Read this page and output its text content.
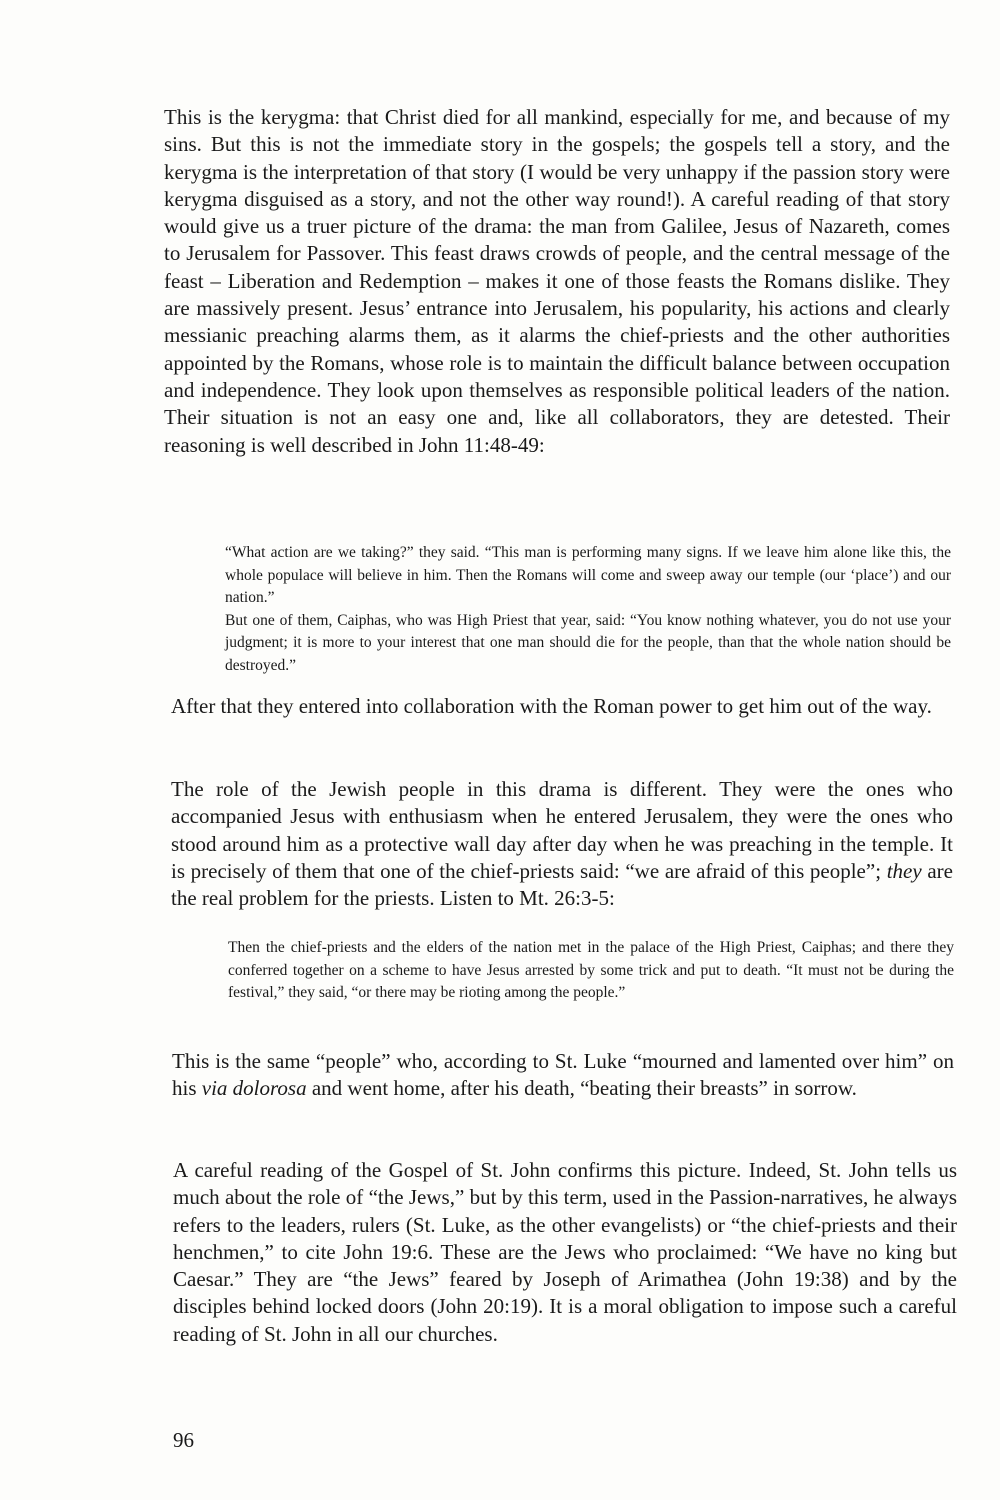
This is the kerygma: that Christ died for all mankind, especially for me, and because of my sins. But this is not the immediate story in the gospels; the gospels tell a story, and the kerygma is the interpretation of that story (I would be very unhappy if the passion story were kerygma disguised as a story, and not the other way round!). A careful reading of that story would give us a truer picture of the drama: the man from Galilee, Jesus of Nazareth, comes to Jerusalem for Passover. This feast draws crowds of people, and the central message of the feast – Liberation and Redemption – makes it one of those feasts the Romans dislike. They are massively present. Jesus’ entrance into Jerusalem, his popularity, his actions and clearly messianic preaching alarms them, as it alarms the chief-priests and the other authorities appointed by the Romans, whose role is to maintain the difficult balance between occupation and independence. They look upon themselves as responsible political leaders of the nation. Their situation is not an easy one and, like all collaborators, they are detested. Their reasoning is well described in John 11:48-49:

“What action are we taking?” they said. “This man is performing many signs. If we leave him alone like this, the whole populace will believe in him. Then the Romans will come and sweep away our temple (our ‘place’) and our nation.”

But one of them, Caiphas, who was High Priest that year, said: “You know nothing whatever, you do not use your judgment; it is more to your interest that one man should die for the people, than that the whole nation should be destroyed.”

After that they entered into collaboration with the Roman power to get him out of the way.

The role of the Jewish people in this drama is different. They were the ones who accompanied Jesus with enthusiasm when he entered Jerusalem, they were the ones who stood around him as a protective wall day after day when he was preaching in the temple. It is precisely of them that one of the chief-priests said: “we are afraid of this people”; they are the real problem for the priests. Listen to Mt. 26:3-5:

Then the chief-priests and the elders of the nation met in the palace of the High Priest, Caiphas; and there they conferred together on a scheme to have Jesus arrested by some trick and put to death. “It must not be during the festival,” they said, “or there may be rioting among the people.”

This is the same “people” who, according to St. Luke “mourned and lamented over him” on his via dolorosa and went home, after his death, “beating their breasts” in sorrow.

A careful reading of the Gospel of St. John confirms this picture. Indeed, St. John tells us much about the role of “the Jews,” but by this term, used in the Passion-narratives, he always refers to the leaders, rulers (St. Luke, as the other evangelists) or “the chief-priests and their henchmen,” to cite John 19:6. These are the Jews who proclaimed: “We have no king but Caesar.” They are “the Jews” feared by Joseph of Arimathea (John 19:38) and by the disciples behind locked doors (John 20:19). It is a moral obligation to impose such a careful reading of St. John in all our churches.

96
